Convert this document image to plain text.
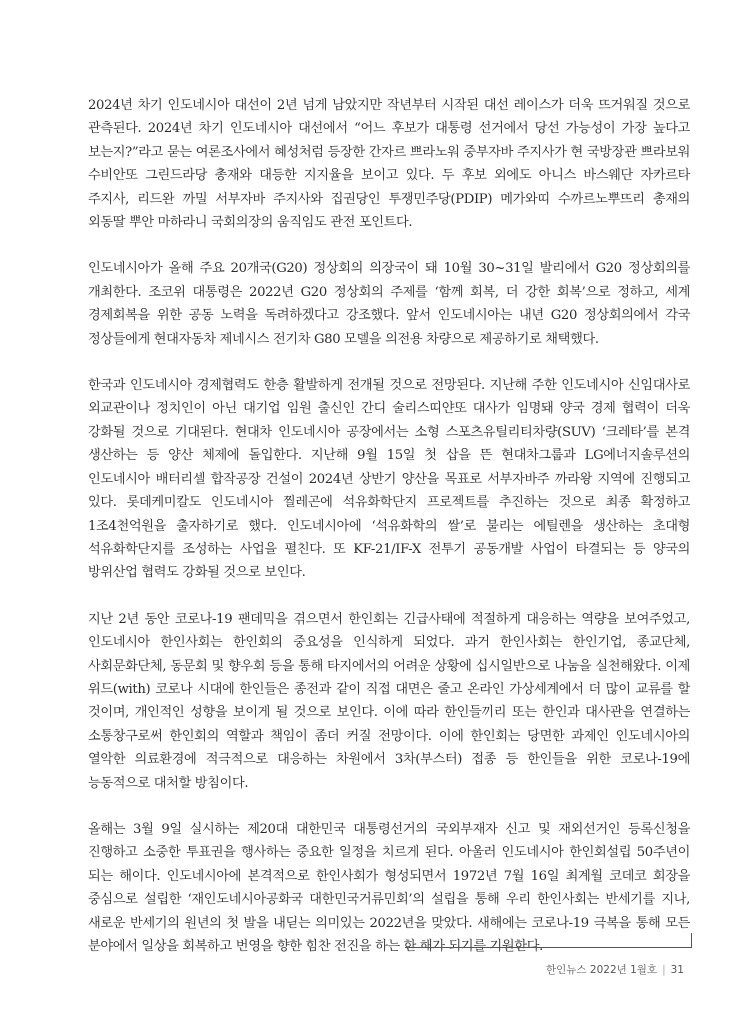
2024년 차기 인도네시아 대선이 2년 넘게 남았지만 작년부터 시작된 대선 레이스가 더욱 뜨거워질 것으로 관측된다. 2024년 차기 인도네시아 대선에서 “어느 후보가 대통령 선거에서 당선 가능성이 가장 높다고 보는지?”라고 묻는 여론조사에서 혜성처럼 등장한 간자르 쁘라노워 중부자바 주지사가 현 국방장관 쁘라보워 수비안또 그린드라당 총재와 대등한 지지율을 보이고 있다. 두 후보 외에도 아니스 바스웨단 자카르타 주지사, 리드완 까밀 서부자바 주지사와 집권당인 투쟁민주당(PDIP) 메가와띠 수까르노뿌뜨리 총재의 외동딸 뿌안 마하라니 국회의장의 움직임도 관전 포인트다.

인도네시아가 올해 주요 20개국(G20) 정상회의 의장국이 돼 10월 30~31일 발리에서 G20 정상회의를 개최한다. 조코위 대통령은 2022년 G20 정상회의 주제를 ‘함께 회복, 더 강한 회복’으로 정하고, 세계 경제회복을 위한 공동 노력을 독려하겠다고 강조했다. 앞서 인도네시아는 내년 G20 정상회의에서 각국 정상들에게 현대자동차 제네시스 전기차 G80 모델을 의전용 차량으로 제공하기로 채택했다.

한국과 인도네시아 경제협력도 한층 활발하게 전개될 것으로 전망된다. 지난해 주한 인도네시아 신임대사로 외교관이나 정치인이 아닌 대기업 임원 출신인 간디 술리스띠얀또 대사가 임명돼 양국 경제 협력이 더욱 강화될 것으로 기대된다. 현대차 인도네시아 공장에서는 소형 스포츠유틸리티차량(SUV) ‘크레타’를 본격 생산하는 등 양산 체제에 돌입한다. 지난해 9월 15일 첫 삽을 뜬 현대차그룹과 LG에너지솔루션의 인도네시아 배터리셀 합작공장 건설이 2024년 상반기 양산을 목표로 서부자바주 까라왕 지역에 진행되고 있다. 롯데케미칼도 인도네시아 찔레곤에 석유화학단지 프로젝트를 추진하는 것으로 최종 확정하고 1조4천억원을 출자하기로 했다. 인도네시아에 ‘석유화학의 쌀’로 불리는 에틸렌을 생산하는 초대형 석유화학단지를 조성하는 사업을 펼친다. 또 KF-21/IF-X 전투기 공동개발 사업이 타결되는 등 양국의 방위산업 협력도 강화될 것으로 보인다.

지난 2년 동안 코로나-19 팬데믹을 겪으면서 한인회는 긴급사태에 적절하게 대응하는 역량을 보여주었고, 인도네시아 한인사회는 한인회의 중요성을 인식하게 되었다. 과거 한인사회는 한인기업, 종교단체, 사회문화단체, 동문회 및 향우회 등을 통해 타지에서의 어려운 상황에 십시일반으로 나눔을 실천해왔다. 이제 위드(with) 코로나 시대에 한인들은 종전과 같이 직접 대면은 줄고 온라인 가상세계에서 더 많이 교류를 할 것이며, 개인적인 성향을 보이게 될 것으로 보인다. 이에 따라 한인들끼리 또는 한인과 대사관을 연결하는 소통창구로써 한인회의 역할과 책임이 좀더 커질 전망이다. 이에 한인회는 당면한 과제인 인도네시아의 열악한 의료환경에 적극적으로 대응하는 차원에서 3차(부스터) 접종 등 한인들을 위한 코로나-19에 능동적으로 대처할 방침이다.

올해는 3월 9일 실시하는 제20대 대한민국 대통령선거의 국외부재자 신고 및 재외선거인 등록신청을 진행하고 소중한 투표권을 행사하는 중요한 일정을 치르게 된다. 아울러 인도네시아 한인회설립 50주년이 되는 해이다. 인도네시아에 본격적으로 한인사회가 형성되면서 1972년 7월 16일 최계월 코데코 회장을 중심으로 설립한 ‘재인도네시아공화국 대한민국거류민회’의 설립을 통해 우리 한인사회는 반세기를 지나, 새로운 반세기의 원년의 첫 발을 내딛는 의미있는 2022년을 맞았다. 새해에는 코로나-19 극복을 통해 모든 분야에서 일상을 회복하고 번영을 향한 힘찬 전진을 하는 한 해가 되기를 기원한다.

한인뉴스 2022년 1월호 | 31
